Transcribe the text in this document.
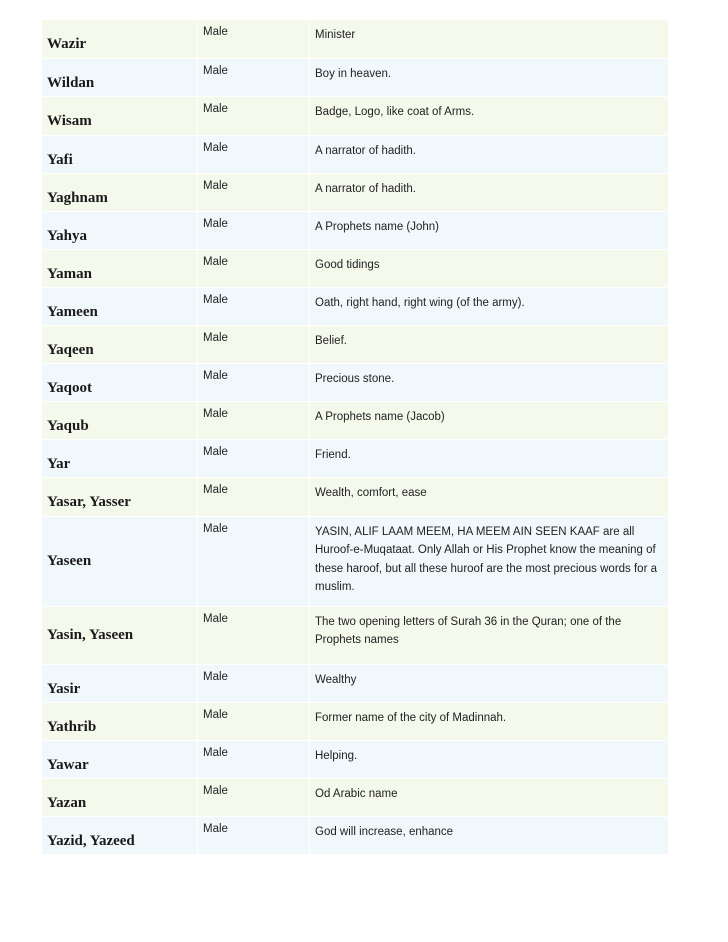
Wazir	Male	Minister

Wildan	Male	Boy in heaven.

Wisam	Male	Badge, Logo, like coat of Arms.

Yafi	Male	A narrator of hadith.

Yaghnam	Male	A narrator of hadith.

Yahya	Male	A Prophets name (John)

Yaman	Male	Good tidings

Yameen	Male	Oath, right hand, right wing (of the army).

Yaqeen	Male	Belief.

Yaqoot	Male	Precious stone.

Yaqub	Male	A Prophets name (Jacob)

Yar	Male	Friend.

Yasar, Yasser	Male	Wealth, comfort, ease

Yaseen	Male	YASIN, ALIF LAAM MEEM, HA MEEM AIN SEEN KAAF are all Huroof-e-Muqataat. Only Allah or His Prophet know the meaning of these haroof, but all these huroof are the most precious words for a muslim.

Yasin, Yaseen	Male	The two opening letters of Surah 36 in the Quran; one of the Prophets names

Yasir	Male	Wealthy

Yathrib	Male	Former name of the city of Madinnah.

Yawar	Male	Helping.

Yazan	Male	Od Arabic name

Yazid, Yazeed	Male	God will increase, enhance
